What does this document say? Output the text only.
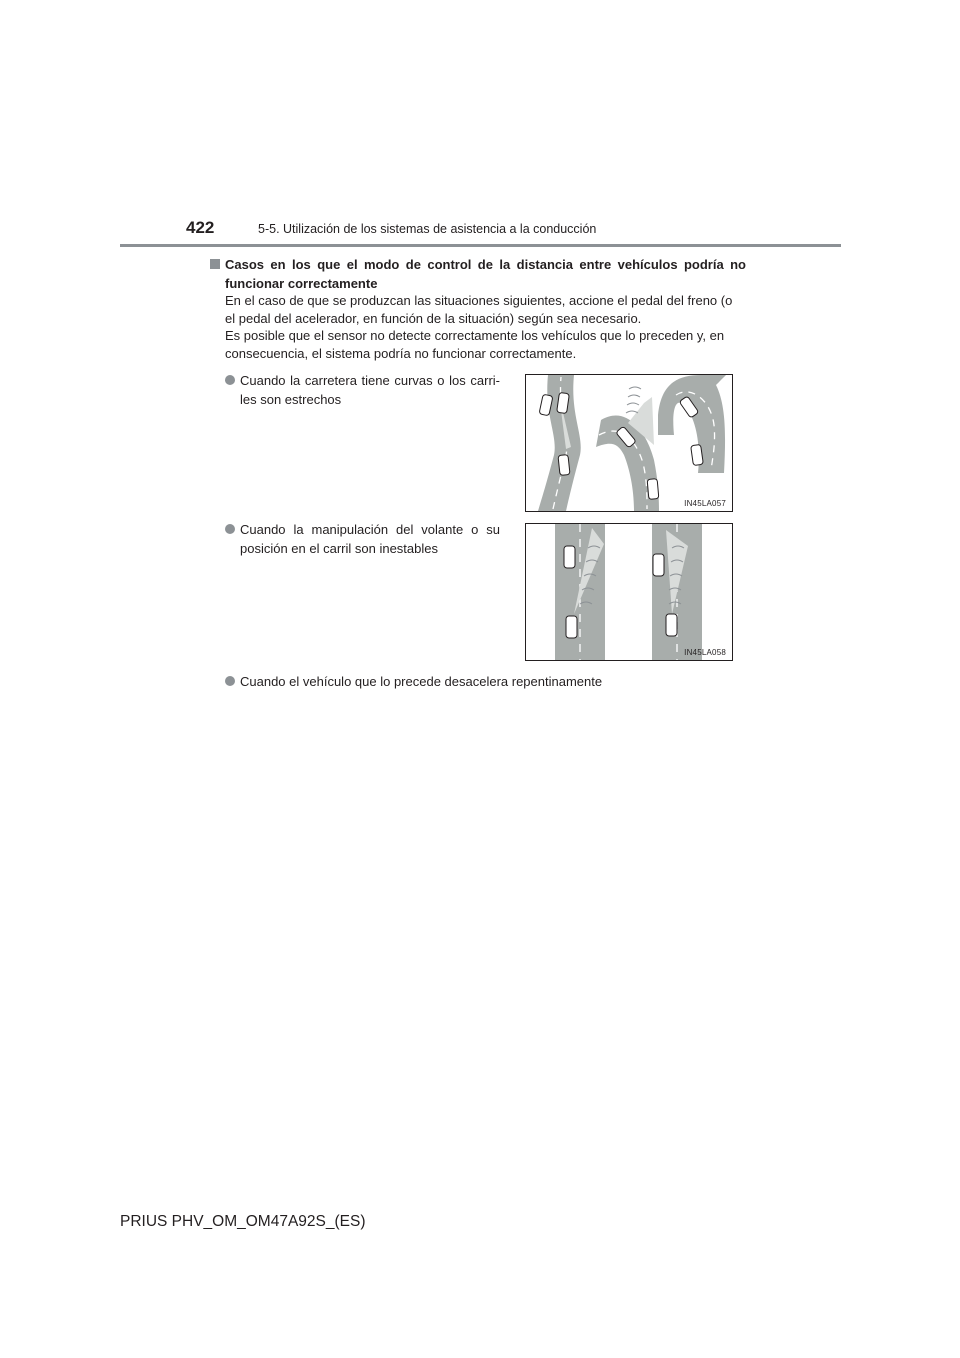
422	5-5. Utilización de los sistemas de asistencia a la conducción
Casos en los que el modo de control de la distancia entre vehículos podría no funcionar correctamente

En el caso de que se produzcan las situaciones siguientes, accione el pedal del freno (o el pedal del acelerador, en función de la situación) según sea necesario.

Es posible que el sensor no detecte correctamente los vehículos que lo preceden y, en consecuencia, el sistema podría no funcionar correctamente.

Cuando la carretera tiene curvas o los carri-les son estrechos
IN45LA057
Cuando la manipulación del volante o su posición en el carril son inestables
IN45LA058
Cuando el vehículo que lo precede desacelera repentinamente
PRIUS PHV_OM_OM47A92S_(ES)
